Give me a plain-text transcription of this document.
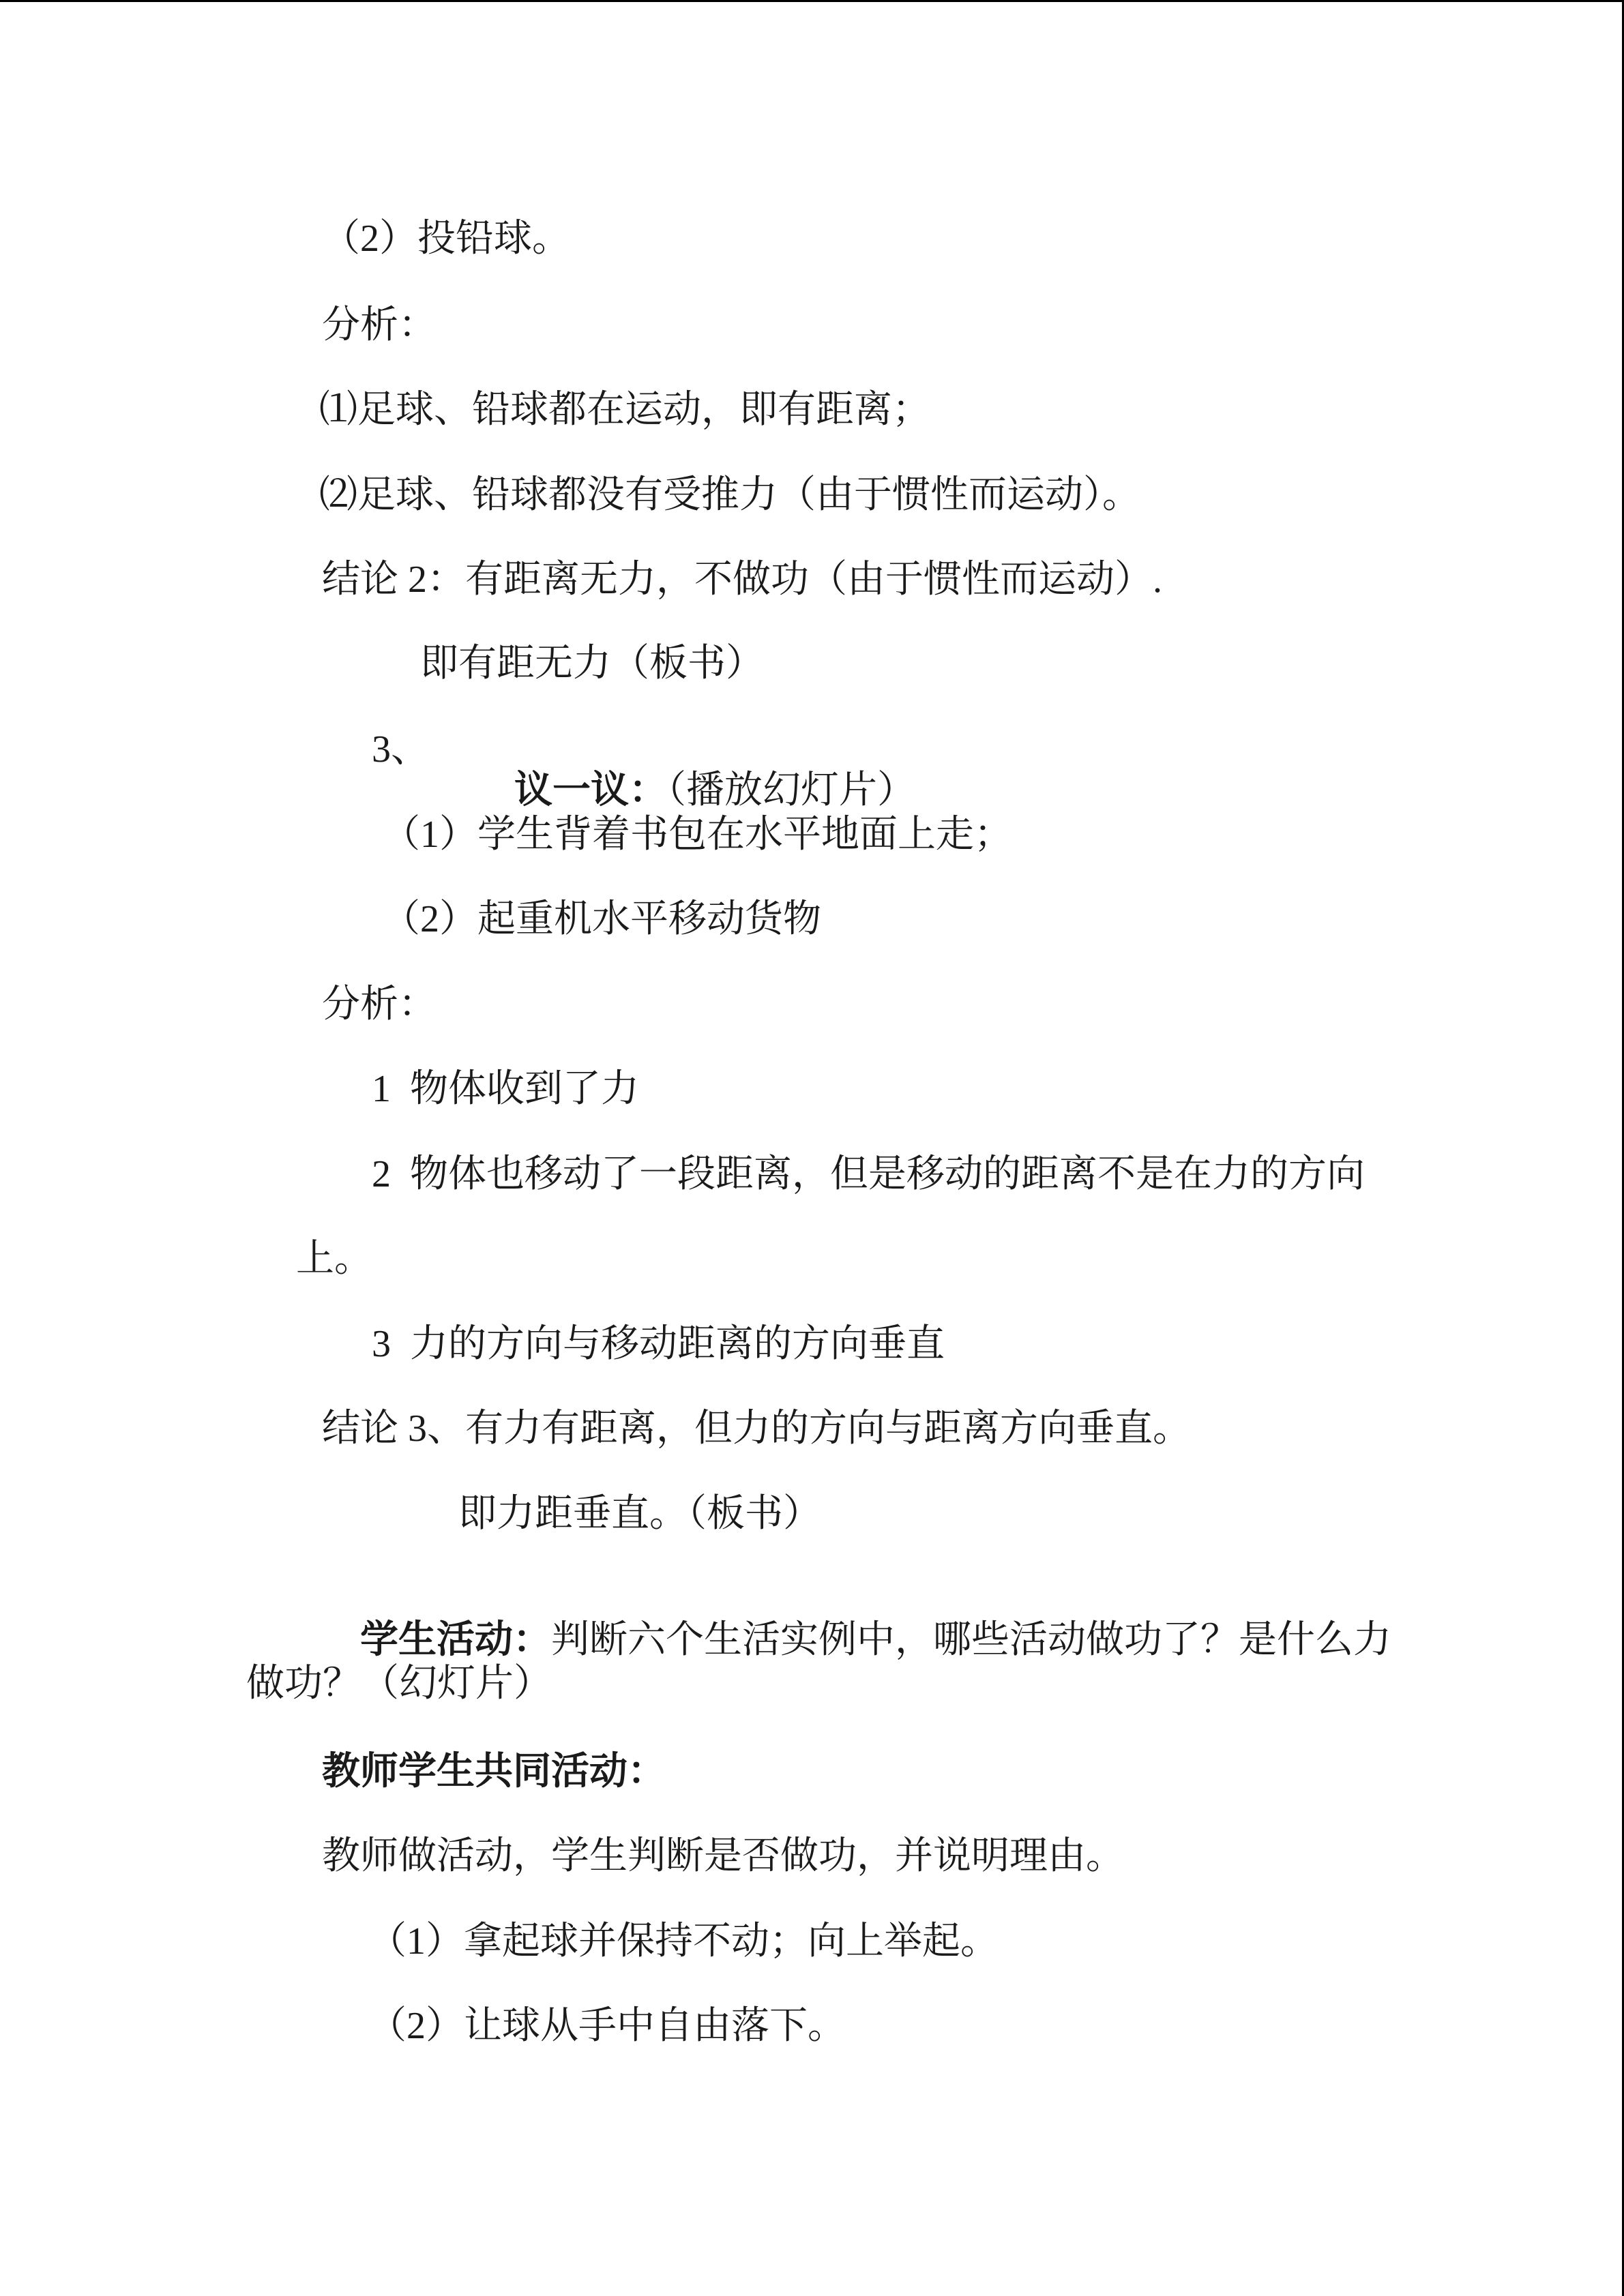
（2）投铅球。
分析：
⑴足球、铅球都在运动，即有距离；
⑵足球、铅球都没有受推力（由于惯性而运动）。
结论 2：有距离无力，不做功（由于惯性而运动）.
即有距无力（板书）
3、

议一议：（播放幻灯片）

（1）学生背着书包在水平地面上走；
（2）起重机水平移动货物
分析：
1  物体收到了力
2  物体也移动了一段距离，但是移动的距离不是在力的方向
上。
3  力的方向与移动距离的方向垂直
结论 3、有力有距离，但力的方向与距离方向垂直。
即力距垂直。（板书）

学生活动：判断六个生活实例中，哪些活动做功了？是什么力

做功？（幻灯片）
教师学生共同活动：
教师做活动，学生判断是否做功，并说明理由。
（1）拿起球并保持不动；向上举起。
（2）让球从手中自由落下。
